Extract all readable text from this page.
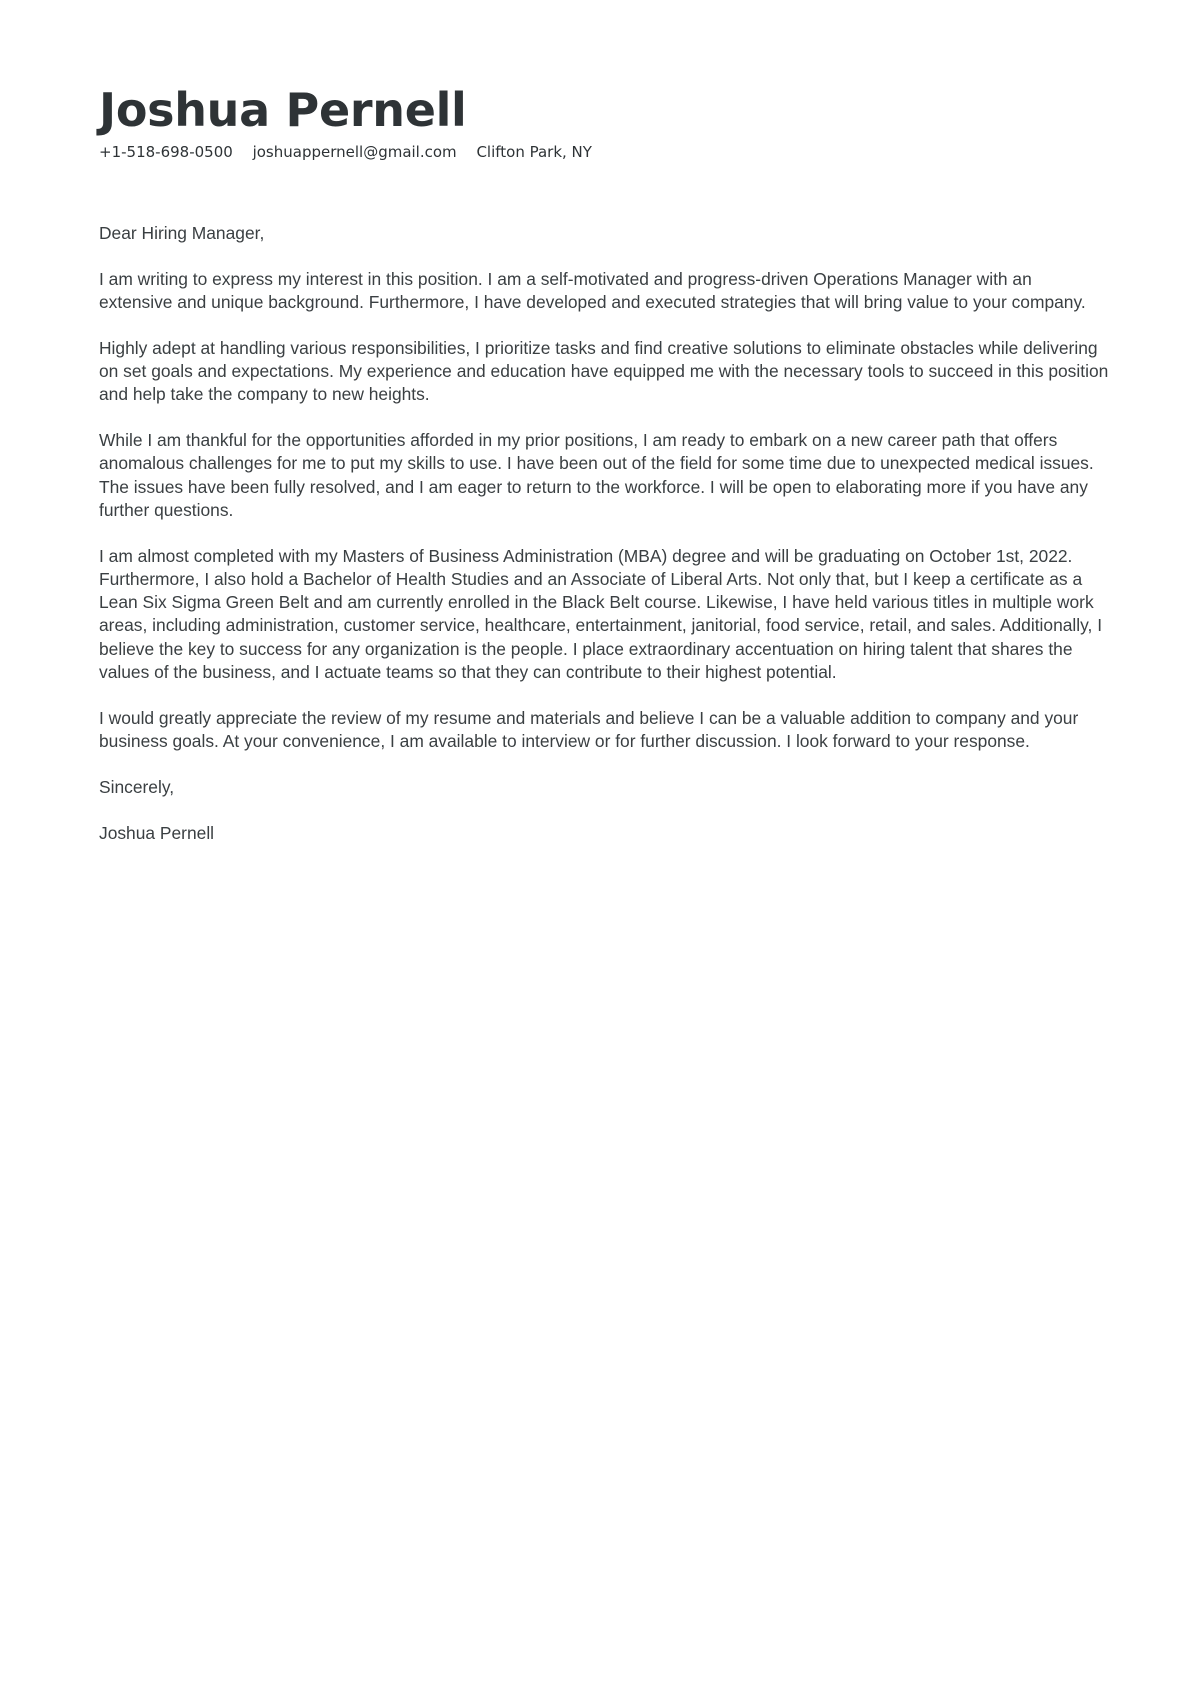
Joshua Pernell
+1-518-698-0500 joshuappernell@gmail.com Clifton Park, NY

Dear Hiring Manager,

I am writing to express my interest in this position. I am a self-motivated and progress-driven Operations Manager with an extensive and unique background. Furthermore, I have developed and executed strategies that will bring value to your company.

Highly adept at handling various responsibilities, I prioritize tasks and find creative solutions to eliminate obstacles while delivering on set goals and expectations. My experience and education have equipped me with the necessary tools to succeed in this position and help take the company to new heights.

While I am thankful for the opportunities afforded in my prior positions, I am ready to embark on a new career path that offers anomalous challenges for me to put my skills to use. I have been out of the field for some time due to unexpected medical issues. The issues have been fully resolved, and I am eager to return to the workforce. I will be open to elaborating more if you have any further questions.

I am almost completed with my Masters of Business Administration (MBA) degree and will be graduating on October 1st, 2022. Furthermore, I also hold a Bachelor of Health Studies and an Associate of Liberal Arts. Not only that, but I keep a certificate as a Lean Six Sigma Green Belt and am currently enrolled in the Black Belt course. Likewise, I have held various titles in multiple work areas, including administration, customer service, healthcare, entertainment, janitorial, food service, retail, and sales. Additionally, I believe the key to success for any organization is the people. I place extraordinary accentuation on hiring talent that shares the values of the business, and I actuate teams so that they can contribute to their highest potential.

I would greatly appreciate the review of my resume and materials and believe I can be a valuable addition to company and your business goals. At your convenience, I am available to interview or for further discussion. I look forward to your response.

Sincerely,

Joshua Pernell
